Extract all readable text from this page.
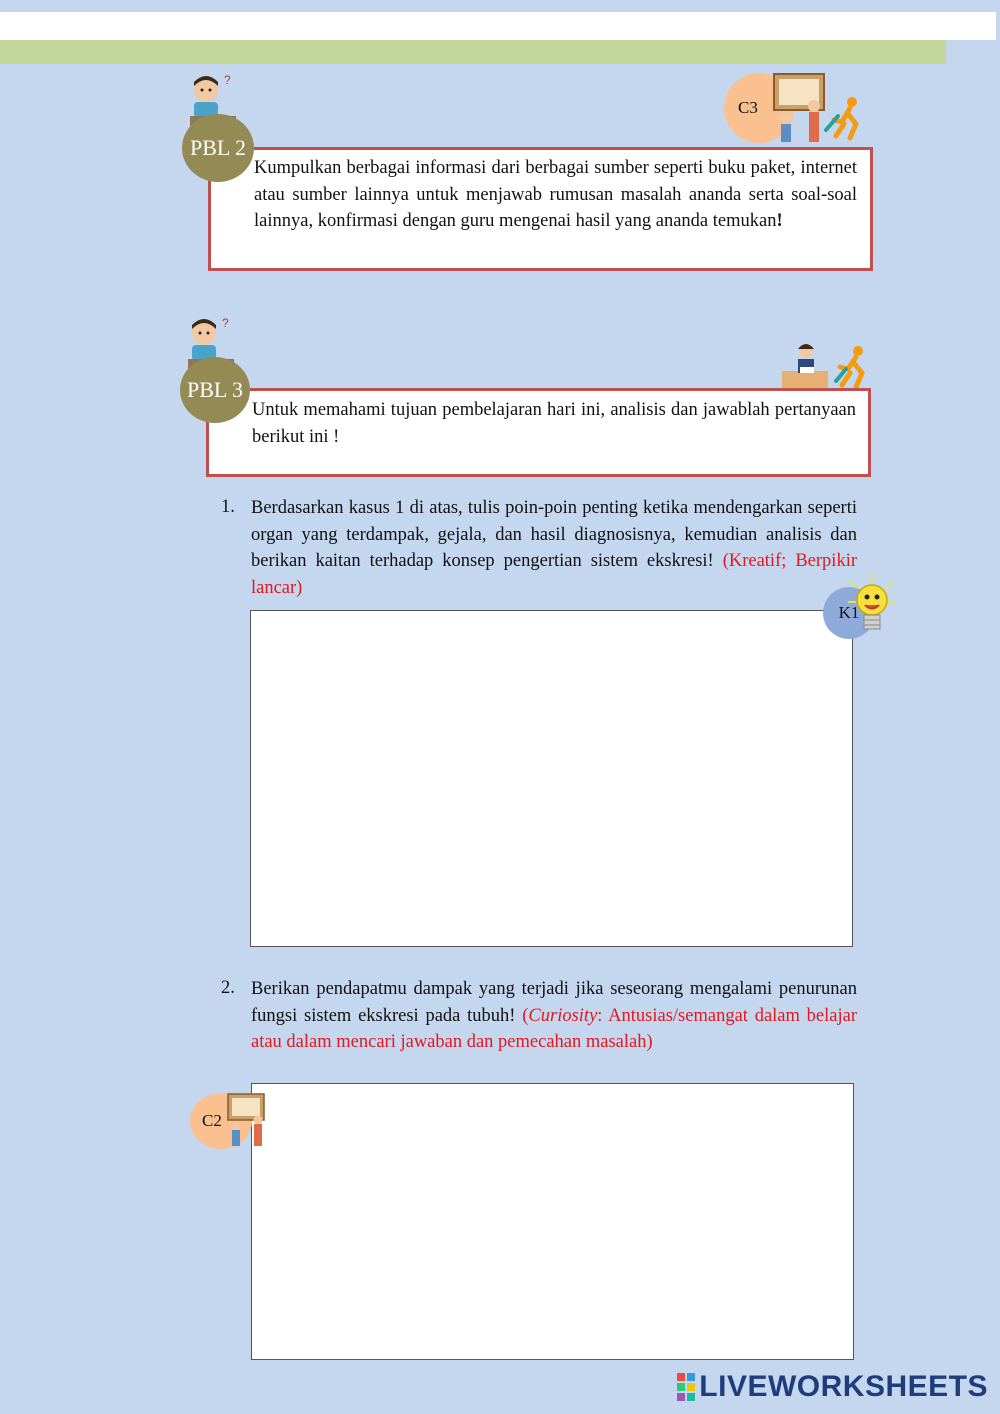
?
PBL 2
C3
Kumpulkan berbagai informasi dari berbagai sumber seperti buku paket, internet atau sumber lainnya untuk menjawab rumusan masalah ananda serta soal-soal lainnya, konfirmasi dengan guru mengenai hasil yang ananda temukan!
?
PBL 3
Untuk memahami tujuan pembelajaran hari ini, analisis dan jawablah pertanyaan berikut ini !
1. Berdasarkan kasus 1 di atas, tulis poin-poin penting ketika mendengarkan seperti organ yang terdampak, gejala, dan hasil diagnosisnya, kemudian analisis dan berikan kaitan terhadap konsep pengertian sistem ekskresi! (Kreatif; Berpikir lancar)
K1
2. Berikan pendapatmu dampak yang terjadi jika seseorang mengalami penurunan fungsi sistem ekskresi pada tubuh! (Curiosity: Antusias/semangat dalam belajar atau dalam mencari jawaban dan pemecahan masalah)
C2
LIVEWORKSHEETS
